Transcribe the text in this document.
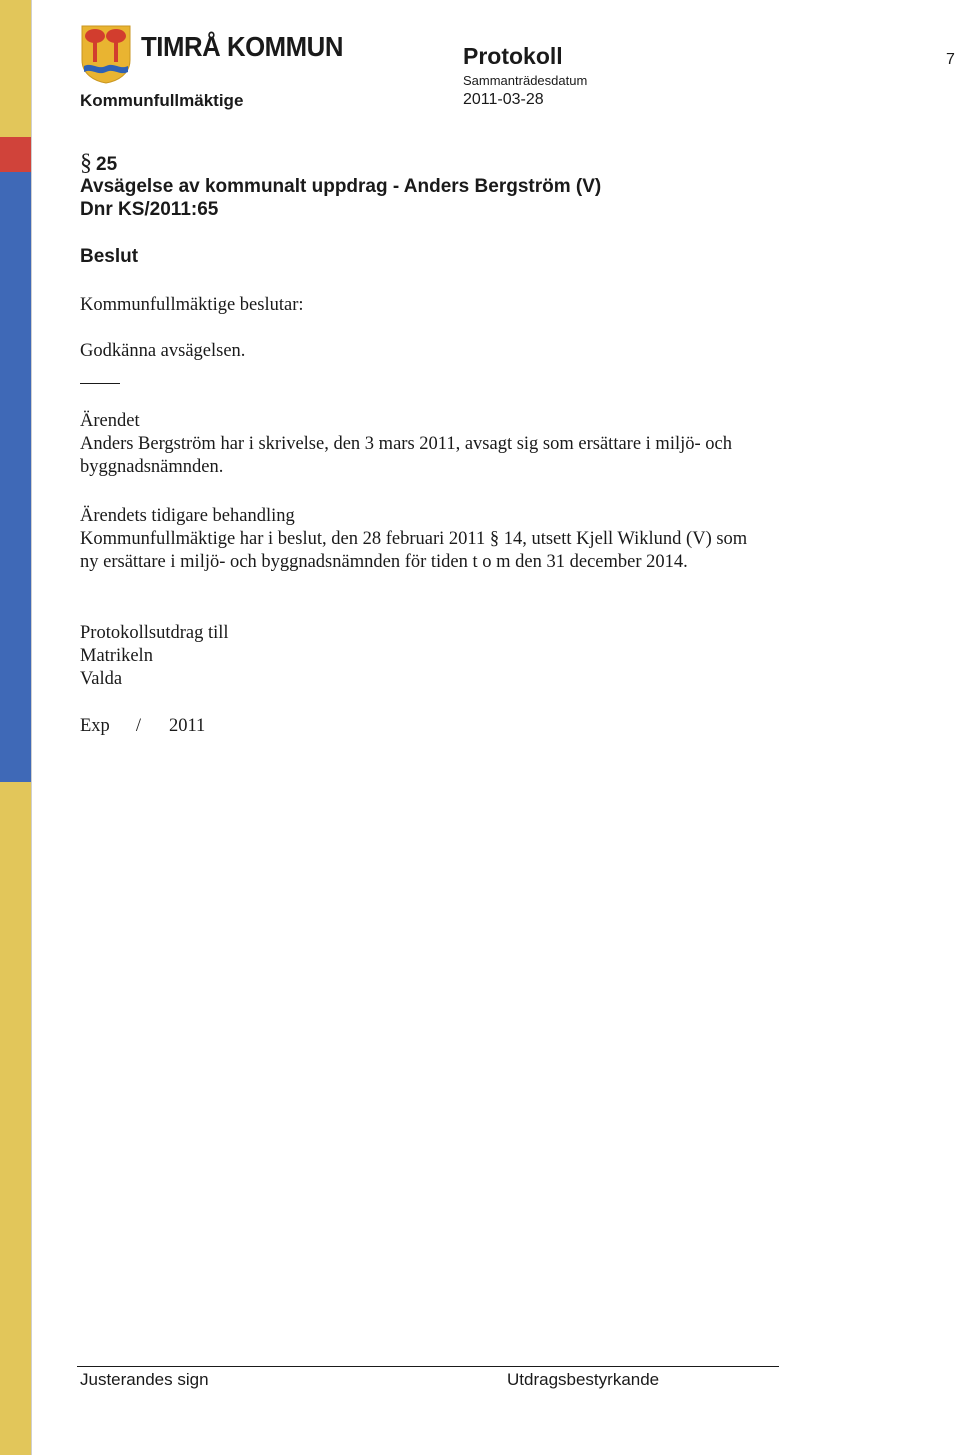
TIMRÅ KOMMUN
Kommunfullmäktige
Protokoll
Sammanträdesdatum
2011-03-28
7
§ 25
Avsägelse av kommunalt uppdrag - Anders Bergström (V)
Dnr KS/2011:65
Beslut
Kommunfullmäktige beslutar:
Godkänna avsägelsen.
Ärendet
Anders Bergström har i skrivelse, den 3 mars 2011, avsagt sig som ersättare i miljö- och byggnadsnämnden.
Ärendets tidigare behandling
Kommunfullmäktige har i beslut, den 28 februari 2011 § 14, utsett Kjell Wiklund (V) som ny ersättare i miljö- och byggnadsnämnden för tiden t o m den 31 december 2014.
Protokollsutdrag till
Matrikeln
Valda
Exp / 2011
Justerandes sign	Utdragsbestyrkande
